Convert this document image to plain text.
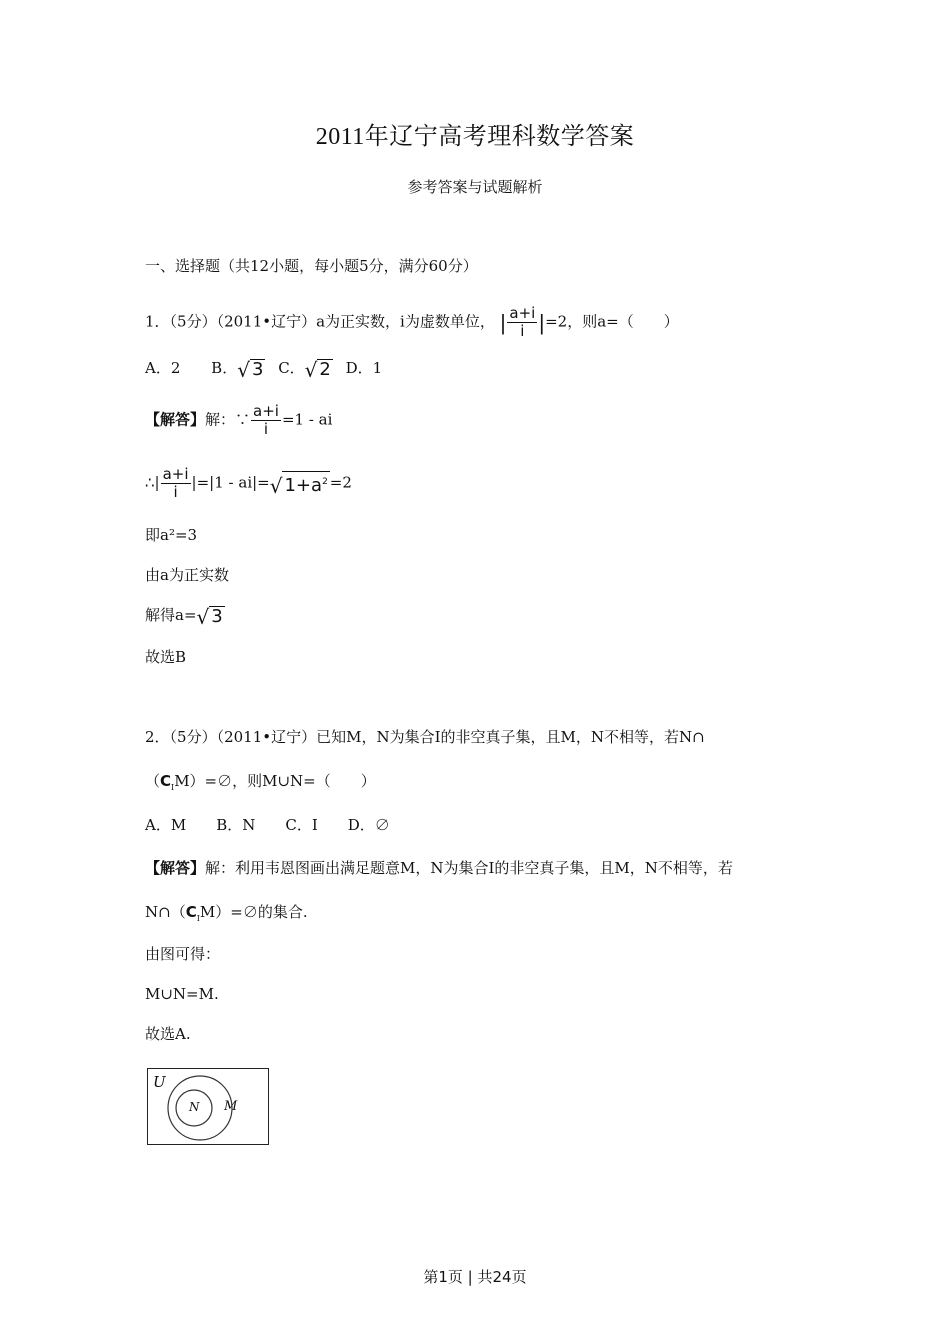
2011年辽宁高考理科数学答案
参考答案与试题解析
一、选择题（共12小题，每小题5分，满分60分）
1．（5分）（2011•辽宁）a为正实数，i为虚数单位， | $\frac{a+i}{i} |=2$，则a=（　　）
A．2 B． √ 3 C． √ 2 D．1
【解答】解：∵ $\frac{a+i}{i} =1$ - ai
∴| $\frac{a+i}{i} |=|1 - ai|=$ √ $1+a^2 =2$
即a²=3
由a为正实数
解得a= √ 3
故选B
2．（5分）（2011•辽宁）已知M，N为集合I的非空真子集，且M，N不相等，若N∩
$(C_IM)=\emptyset$，则M∪N=（　　）
A．M　　B．N　　C．I　　D．∅
【解答】解：利用韦恩图画出满足题意M，N为集合I的非空真子集，且M，N不相等，若
$N\cap(C_IM)=\emptyset$的集合.
由图可得：
M∪N=M.
故选A.
U
N M
第1页 | 共24页
